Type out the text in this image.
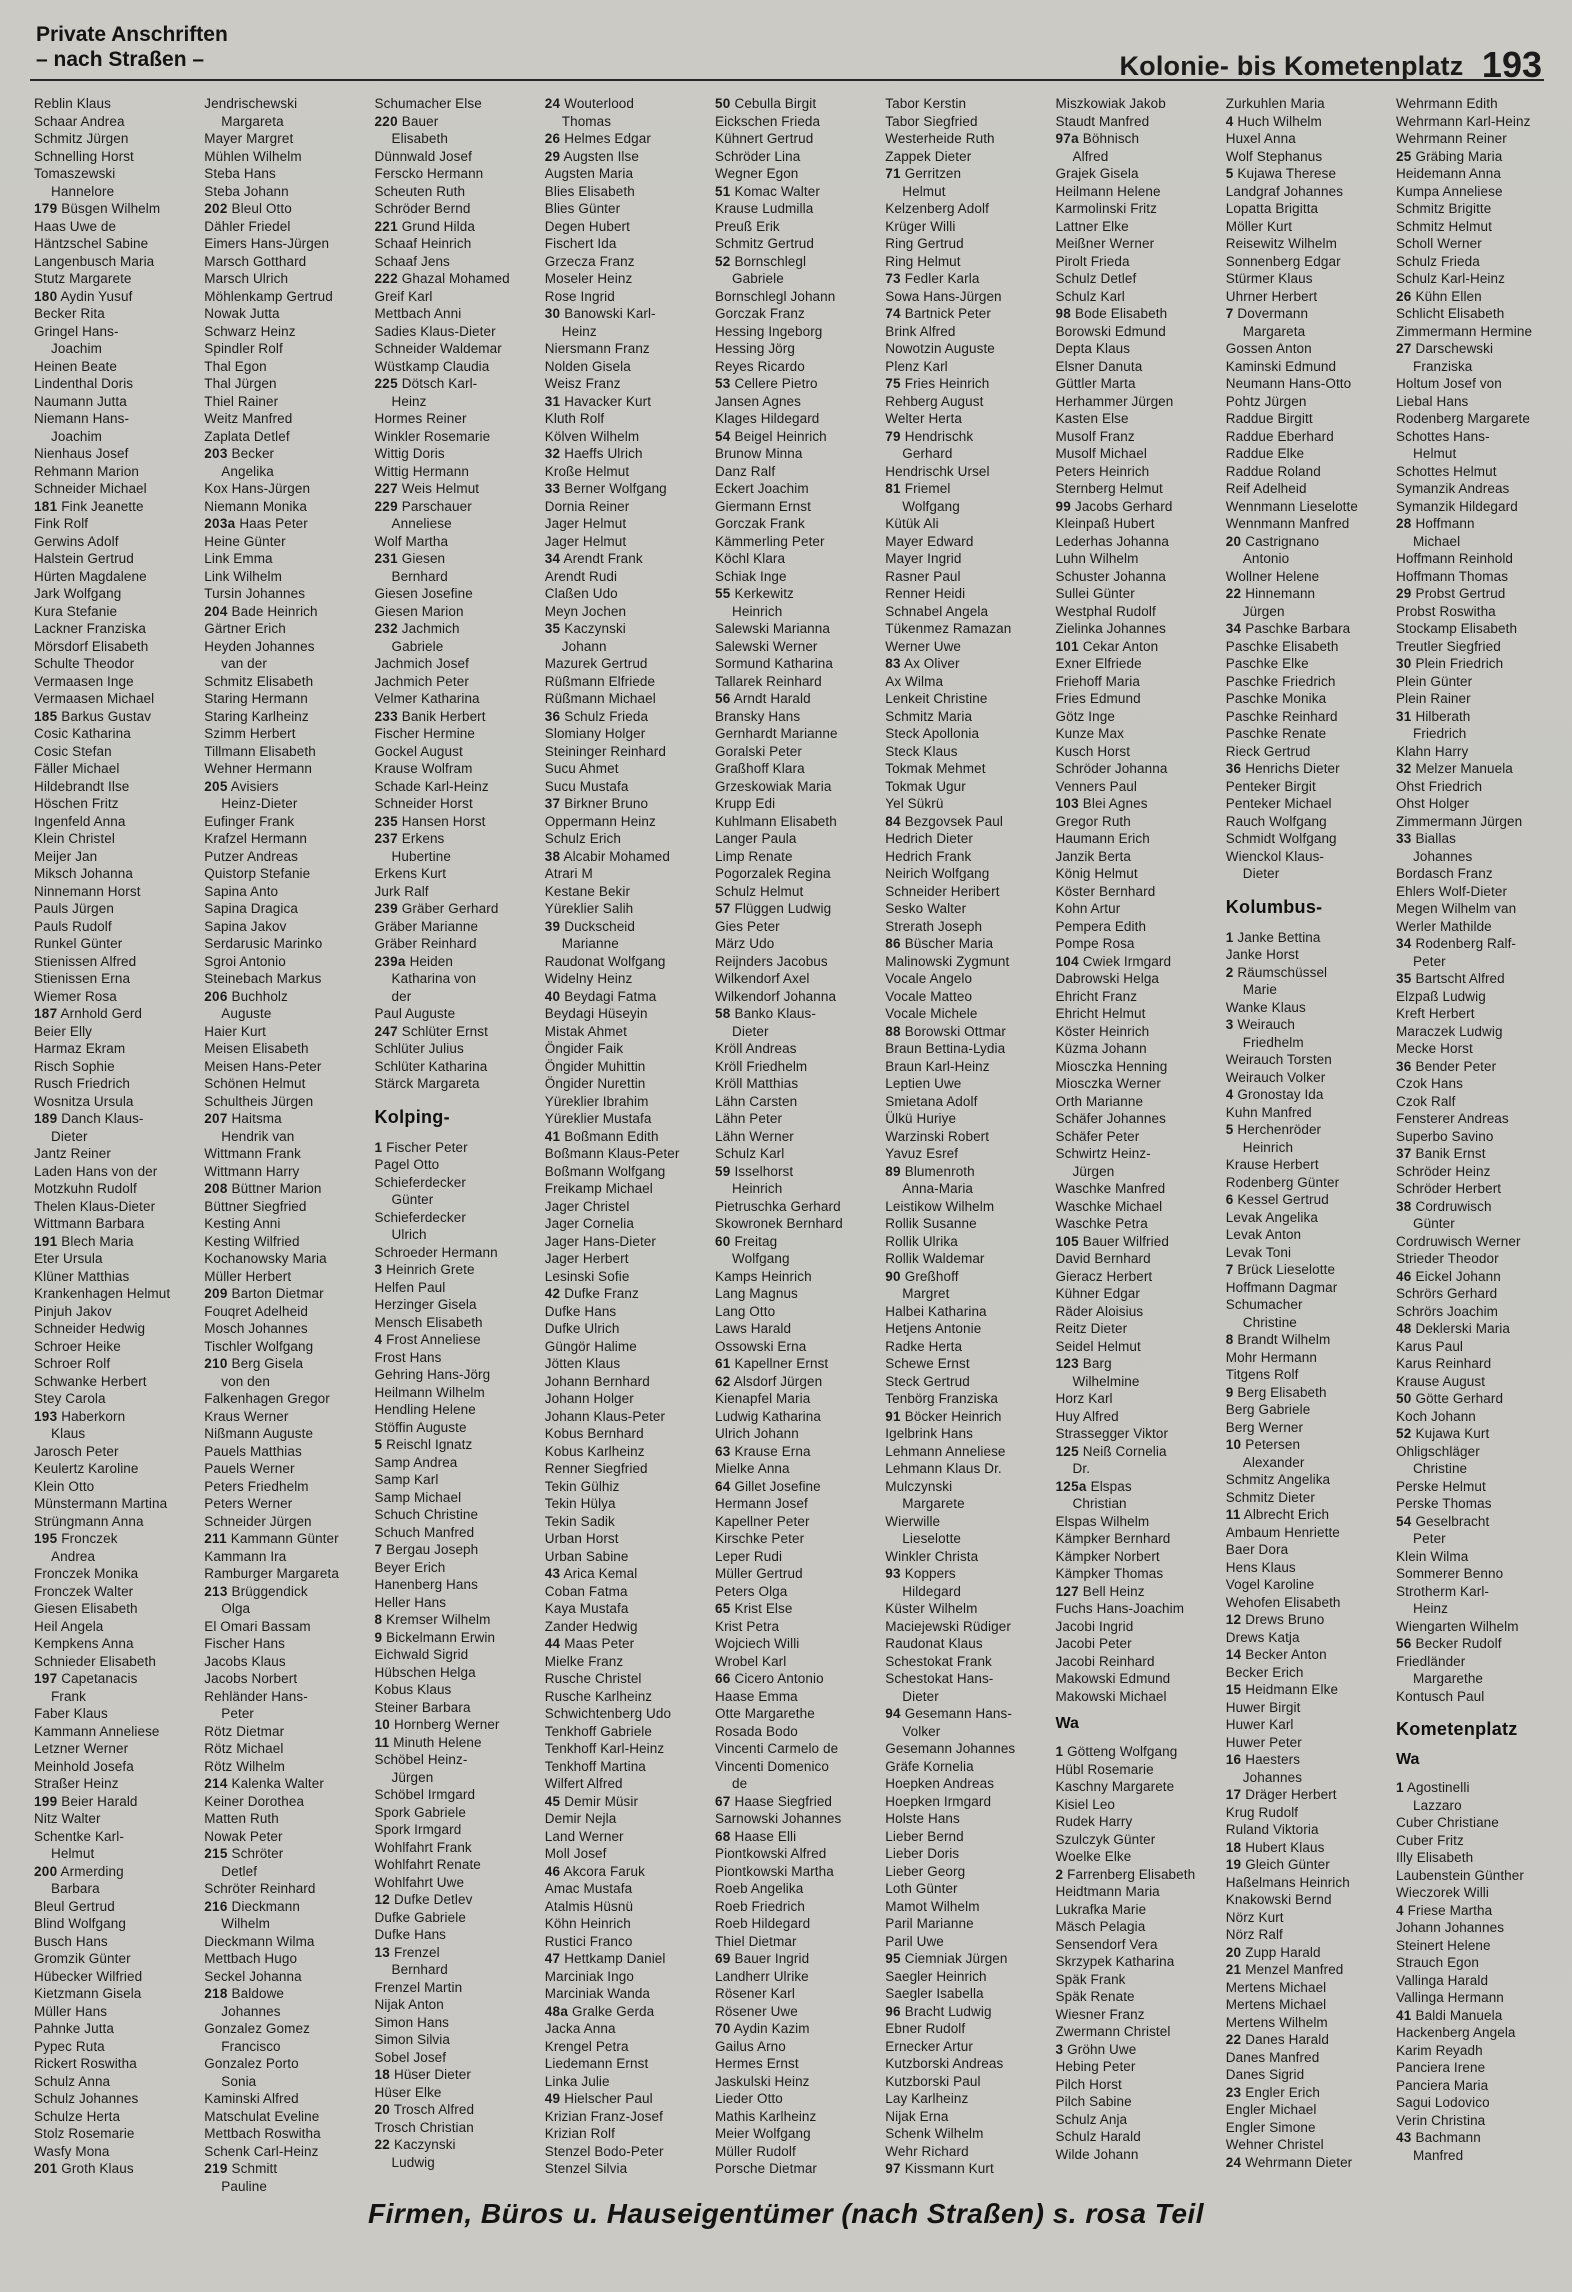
Private Anschriften
– nach Straßen –	Kolonie- bis Kometenplatz 193
Reblin Klaus
Schaar Andrea
Schmitz Jürgen
Schnelling Horst
Tomaszewski
Hannelore
179 Büsgen Wilhelm
Haas Uwe de
Häntzschel Sabine
Langenbusch Maria
Stutz Margarete
180 Aydin Yusuf
Becker Rita
Gringel Hans-
Joachim
Heinen Beate
Lindenthal Doris
Naumann Jutta
Niemann Hans-
Joachim
Nienhaus Josef
Rehmann Marion
Schneider Michael
181 Fink Jeanette
Fink Rolf
Gerwins Adolf
Halstein Gertrud
Hürten Magdalene
Jark Wolfgang
Kura Stefanie
Lackner Franziska
Mörsdorf Elisabeth
Schulte Theodor
Vermaasen Inge
Vermaasen Michael
185 Barkus Gustav
Cosic Katharina
Cosic Stefan
Fäller Michael
Hildebrandt Ilse
Höschen Fritz
Ingenfeld Anna
Klein Christel
Meijer Jan
Miksch Johanna
Ninnemann Horst
Pauls Jürgen
Pauls Rudolf
Runkel Günter
Stienissen Alfred
Stienissen Erna
Wiemer Rosa
187 Arnhold Gerd
Beier Elly
Harmaz Ekram
Risch Sophie
Rusch Friedrich
Wosnitza Ursula
189 Danch Klaus-
Dieter
Jantz Reiner
Laden Hans von der
Motzkuhn Rudolf
Thelen Klaus-Dieter
Wittmann Barbara
191 Blech Maria
Eter Ursula
Klüner Matthias
Krankenhagen Helmut
Pinjuh Jakov
Schneider Hedwig
Schroer Heike
Schroer Rolf
Schwanke Herbert
Stey Carola
193 Haberkorn
Klaus
Jarosch Peter
Keulertz Karoline
Klein Otto
Münstermann Martina
Strüngmann Anna
195 Fronczek
Andrea
Fronczek Monika
Fronczek Walter
Giesen Elisabeth
Heil Angela
Kempkens Anna
Schnieder Elisabeth
197 Capetanacis
Frank
Faber Klaus
Kammann Anneliese
Letzner Werner
Meinhold Josefa
Straßer Heinz
199 Beier Harald
Nitz Walter
Schentke Karl-
Helmut
200 Armerding
Barbara
Bleul Gertrud
Blind Wolfgang
Busch Hans
Gromzik Günter
Hübecker Wilfried
Kietzmann Gisela
Müller Hans
Pahnke Jutta
Pypec Ruta
Rickert Roswitha
Schulz Anna
Schulz Johannes
Schulze Herta
Stolz Rosemarie
Wasfy Mona
201 Groth Klaus
Jendrischewski
Margareta
Mayer Margret
Mühlen Wilhelm
Steba Hans
Steba Johann
202 Bleul Otto
Dähler Friedel
Eimers Hans-Jürgen
Marsch Gotthard
Marsch Ulrich
Möhlenkamp Gertrud
Nowak Jutta
Schwarz Heinz
Spindler Rolf
Thal Egon
Thal Jürgen
Thiel Rainer
Weitz Manfred
Zaplata Detlef
203 Becker
Angelika
Kox Hans-Jürgen
Niemann Monika
203a Haas Peter
Heine Günter
Link Emma
Link Wilhelm
Tursin Johannes
204 Bade Heinrich
Gärtner Erich
Heyden Johannes
van der
Schmitz Elisabeth
Staring Hermann
Staring Karlheinz
Szimm Herbert
Tillmann Elisabeth
Wehner Hermann
205 Avisiers
Heinz-Dieter
Eufinger Frank
Krafzel Hermann
Putzer Andreas
Quistorp Stefanie
Sapina Anto
Sapina Dragica
Sapina Jakov
Serdarusic Marinko
Sgroi Antonio
Steinebach Markus
206 Buchholz
Auguste
Haier Kurt
Meisen Elisabeth
Meisen Hans-Peter
Schönen Helmut
Schultheis Jürgen
207 Haitsma
Hendrik van
Wittmann Frank
Wittmann Harry
208 Büttner Marion
Büttner Siegfried
Kesting Anni
Kesting Wilfried
Kochanowsky Maria
Müller Herbert
209 Barton Dietmar
Fouqret Adelheid
Mosch Johannes
Tischler Wolfgang
210 Berg Gisela
von den
Falkenhagen Gregor
Kraus Werner
Nißmann Auguste
Pauels Matthias
Pauels Werner
Peters Friedhelm
Peters Werner
Schneider Jürgen
211 Kammann Günter
Kammann Ira
Ramburger Margareta
213 Brüggendick
Olga
El Omari Bassam
Fischer Hans
Jacobs Klaus
Jacobs Norbert
Rehländer Hans-
Peter
Rötz Dietmar
Rötz Michael
Rötz Wilhelm
214 Kalenka Walter
Keiner Dorothea
Matten Ruth
Nowak Peter
215 Schröter
Detlef
Schröter Reinhard
216 Dieckmann
Wilhelm
Dieckmann Wilma
Mettbach Hugo
Seckel Johanna
218 Baldowe
Johannes
Gonzalez Gomez
Francisco
Gonzalez Porto
Sonia
Kaminski Alfred
Matschulat Eveline
Mettbach Roswitha
Schenk Carl-Heinz
219 Schmitt
Pauline
Schumacher Else
220 Bauer
Elisabeth
Dünnwald Josef
Ferscko Hermann
Scheuten Ruth
Schröder Bernd
221 Grund Hilda
Schaaf Heinrich
Schaaf Jens
222 Ghazal Mohamed
Greif Karl
Mettbach Anni
Sadies Klaus-Dieter
Schneider Waldemar
Wüstkamp Claudia
225 Dötsch Karl-
Heinz
Hormes Reiner
Winkler Rosemarie
Wittig Doris
Wittig Hermann
227 Weis Helmut
229 Parschauer
Anneliese
Wolf Martha
231 Giesen
Bernhard
Giesen Josefine
Giesen Marion
232 Jachmich
Gabriele
Jachmich Josef
Jachmich Peter
Velmer Katharina
233 Banik Herbert
Fischer Hermine
Gockel August
Krause Wolfram
Schade Karl-Heinz
Schneider Horst
235 Hansen Horst
237 Erkens
Hubertine
Erkens Kurt
Jurk Ralf
239 Gräber Gerhard
Gräber Marianne
Gräber Reinhard
239a Heiden
Katharina von
der
Paul Auguste
247 Schlüter Ernst
Schlüter Julius
Schlüter Katharina
Stärck Margareta
Kolping-
1 Fischer Peter
Pagel Otto
Schieferdecker
Günter
Schieferdecker
Ulrich
Schroeder Hermann
3 Heinrich Grete
Helfen Paul
Herzinger Gisela
Mensch Elisabeth
4 Frost Anneliese
Frost Hans
Gehring Hans-Jörg
Heilmann Wilhelm
Hendling Helene
Stöffin Auguste
5 Reischl Ignatz
Samp Andrea
Samp Karl
Samp Michael
Schuch Christine
Schuch Manfred
7 Bergau Joseph
Beyer Erich
Hanenberg Hans
Heller Hans
8 Kremser Wilhelm
9 Bickelmann Erwin
Eichwald Sigrid
Hübschen Helga
Kobus Klaus
Steiner Barbara
10 Hornberg Werner
11 Minuth Helene
Schöbel Heinz-
Jürgen
Schöbel Irmgard
Spork Gabriele
Spork Irmgard
Wohlfahrt Frank
Wohlfahrt Renate
Wohlfahrt Uwe
12 Dufke Detlev
Dufke Gabriele
Dufke Hans
13 Frenzel
Bernhard
Frenzel Martin
Nijak Anton
Simon Hans
Simon Silvia
Sobel Josef
18 Hüser Dieter
Hüser Elke
20 Trosch Alfred
Trosch Christian
22 Kaczynski
Ludwig
24 Wouterlood
Thomas
26 Helmes Edgar
29 Augsten Ilse
Augsten Maria
Blies Elisabeth
Blies Günter
Degen Hubert
Fischert Ida
Grzecza Franz
Moseler Heinz
Rose Ingrid
30 Banowski Karl-
Heinz
Niersmann Franz
Nolden Gisela
Weisz Franz
31 Havacker Kurt
Kluth Rolf
Kölven Wilhelm
32 Haeffs Ulrich
Kroße Helmut
33 Berner Wolfgang
Dornia Reiner
Jager Helmut
Jager Helmut
34 Arendt Frank
Arendt Rudi
Claßen Udo
Meyn Jochen
35 Kaczynski
Johann
Mazurek Gertrud
Rüßmann Elfriede
Rüßmann Michael
36 Schulz Frieda
Slomiany Holger
Steininger Reinhard
Sucu Ahmet
Sucu Mustafa
37 Birkner Bruno
Oppermann Heinz
Schulz Erich
38 Alcabir Mohamed
Atrari M
Kestane Bekir
Yüreklier Salih
39 Duckscheid
Marianne
Raudonat Wolfgang
Widelny Heinz
40 Beydagi Fatma
Beydagi Hüseyin
Mistak Ahmet
Öngider Faik
Öngider Muhittin
Öngider Nurettin
Yüreklier Ibrahim
Yüreklier Mustafa
41 Boßmann Edith
Boßmann Klaus-Peter
Boßmann Wolfgang
Freikamp Michael
Jager Christel
Jager Cornelia
Jager Hans-Dieter
Jager Herbert
Lesinski Sofie
42 Dufke Franz
Dufke Hans
Dufke Ulrich
Güngör Halime
Jötten Klaus
Johann Bernhard
Johann Holger
Johann Klaus-Peter
Kobus Bernhard
Kobus Karlheinz
Renner Siegfried
Tekin Gülhiz
Tekin Hülya
Tekin Sadik
Urban Horst
Urban Sabine
43 Arica Kemal
Coban Fatma
Kaya Mustafa
Zander Hedwig
44 Maas Peter
Mielke Franz
Rusche Christel
Rusche Karlheinz
Schwichtenberg Udo
Tenkhoff Gabriele
Tenkhoff Karl-Heinz
Tenkhoff Martina
Wilfert Alfred
45 Demir Müsir
Demir Nejla
Land Werner
Moll Josef
46 Akcora Faruk
Amac Mustafa
Atalmis Hüsnü
Köhn Heinrich
Rustici Franco
47 Hettkamp Daniel
Marciniak Ingo
Marciniak Wanda
48a Gralke Gerda
Jacka Anna
Krengel Petra
Liedemann Ernst
Linka Julie
49 Hielscher Paul
Krizian Franz-Josef
Krizian Rolf
Stenzel Bodo-Peter
Stenzel Silvia
50 Cebulla Birgit
Eickschen Frieda
Kühnert Gertrud
Schröder Lina
Wegner Egon
51 Komac Walter
Krause Ludmilla
Preuß Erik
Schmitz Gertrud
52 Bornschlegl
Gabriele
Bornschlegl Johann
Gorczak Franz
Hessing Ingeborg
Hessing Jörg
Reyes Ricardo
53 Cellere Pietro
Jansen Agnes
Klages Hildegard
54 Beigel Heinrich
Brunow Minna
Danz Ralf
Eckert Joachim
Giermann Ernst
Gorczak Frank
Kämmerling Peter
Köchl Klara
Schiak Inge
55 Kerkewitz
Heinrich
Salewski Marianna
Salewski Werner
Sormund Katharina
Tallarek Reinhard
56 Arndt Harald
Bransky Hans
Gernhardt Marianne
Goralski Peter
Graßhoff Klara
Grzeskowiak Maria
Krupp Edi
Kuhlmann Elisabeth
Langer Paula
Limp Renate
Pogorzalek Regina
Schulz Helmut
57 Flüggen Ludwig
Gies Peter
März Udo
Reijnders Jacobus
Wilkendorf Axel
Wilkendorf Johanna
58 Banko Klaus-
Dieter
Kröll Andreas
Kröll Friedhelm
Kröll Matthias
Lähn Carsten
Lähn Peter
Lähn Werner
Schulz Karl
59 Isselhorst
Heinrich
Pietruschka Gerhard
Skowronek Bernhard
60 Freitag
Wolfgang
Kamps Heinrich
Lang Magnus
Lang Otto
Laws Harald
Ossowski Erna
61 Kapellner Ernst
62 Alsdorf Jürgen
Kienapfel Maria
Ludwig Katharina
Ulrich Johann
63 Krause Erna
Mielke Anna
64 Gillet Josefine
Hermann Josef
Kapellner Peter
Kirschke Peter
Leper Rudi
Müller Gertrud
Peters Olga
65 Krist Else
Krist Petra
Wojciech Willi
Wrobel Karl
66 Cicero Antonio
Haase Emma
Otte Margarethe
Rosada Bodo
Vincenti Carmelo de
Vincenti Domenico
de
67 Haase Siegfried
Sarnowski Johannes
68 Haase Elli
Piontkowski Alfred
Piontkowski Martha
Roeb Angelika
Roeb Friedrich
Roeb Hildegard
Thiel Dietmar
69 Bauer Ingrid
Landherr Ulrike
Rösener Karl
Rösener Uwe
70 Aydin Kazim
Gailus Arno
Hermes Ernst
Jaskulski Heinz
Lieder Otto
Mathis Karlheinz
Meier Wolfgang
Müller Rudolf
Porsche Dietmar
Tabor Kerstin
Tabor Siegfried
Westerheide Ruth
Zappek Dieter
71 Gerritzen
Helmut
Kelzenberg Adolf
Krüger Willi
Ring Gertrud
Ring Helmut
73 Fedler Karla
Sowa Hans-Jürgen
74 Bartnick Peter
Brink Alfred
Nowotzin Auguste
Plenz Karl
75 Fries Heinrich
Rehberg August
Welter Herta
79 Hendrischk
Gerhard
Hendrischk Ursel
81 Friemel
Wolfgang
Kütük Ali
Mayer Edward
Mayer Ingrid
Rasner Paul
Renner Heidi
Schnabel Angela
Tükenmez Ramazan
Werner Uwe
83 Ax Oliver
Ax Wilma
Lenkeit Christine
Schmitz Maria
Steck Apollonia
Steck Klaus
Tokmak Mehmet
Tokmak Ugur
Yel Sükrü
84 Bezgovsek Paul
Hedrich Dieter
Hedrich Frank
Neirich Wolfgang
Schneider Heribert
Sesko Walter
Strerath Joseph
86 Büscher Maria
Malinowski Zygmunt
Vocale Angelo
Vocale Matteo
Vocale Michele
88 Borowski Ottmar
Braun Bettina-Lydia
Braun Karl-Heinz
Leptien Uwe
Smietana Adolf
Ülkü Huriye
Warzinski Robert
Yavuz Esref
89 Blumenroth
Anna-Maria
Leistikow Wilhelm
Rollik Susanne
Rollik Ulrika
Rollik Waldemar
90 Greßhoff
Margret
Halbei Katharina
Hetjens Antonie
Radke Herta
Schewe Ernst
Steck Gertrud
Tenbörg Franziska
91 Böcker Heinrich
Igelbrink Hans
Lehmann Anneliese
Lehmann Klaus Dr.
Mulczynski
Margarete
Wierwille
Lieselotte
Winkler Christa
93 Koppers
Hildegard
Küster Wilhelm
Maciejewski Rüdiger
Raudonat Klaus
Schestokat Frank
Schestokat Hans-
Dieter
94 Gesemann Hans-
Volker
Gesemann Johannes
Gräfe Kornelia
Hoepken Andreas
Hoepken Irmgard
Holste Hans
Lieber Bernd
Lieber Doris
Lieber Georg
Loth Günter
Mamot Wilhelm
Paril Marianne
Paril Uwe
95 Ciemniak Jürgen
Saegler Heinrich
Saegler Isabella
96 Bracht Ludwig
Ebner Rudolf
Ernecker Artur
Kutzborski Andreas
Kutzborski Paul
Lay Karlheinz
Nijak Erna
Schenk Wilhelm
Wehr Richard
97 Kissmann Kurt
Miszkowiak Jakob
Staudt Manfred
97a Böhnisch
Alfred
Grajek Gisela
Heilmann Helene
Karmolinski Fritz
Lattner Elke
Meißner Werner
Pirolt Frieda
Schulz Detlef
Schulz Karl
98 Bode Elisabeth
Borowski Edmund
Depta Klaus
Elsner Danuta
Güttler Marta
Herhammer Jürgen
Kasten Else
Musolf Franz
Musolf Michael
Peters Heinrich
Sternberg Helmut
99 Jacobs Gerhard
Kleinpaß Hubert
Lederhas Johanna
Luhn Wilhelm
Schuster Johanna
Sullei Günter
Westphal Rudolf
Zielinka Johannes
101 Cekar Anton
Exner Elfriede
Friehoff Maria
Fries Edmund
Götz Inge
Kunze Max
Kusch Horst
Schröder Johanna
Venners Paul
103 Blei Agnes
Gregor Ruth
Haumann Erich
Janzik Berta
König Helmut
Köster Bernhard
Kohn Artur
Pempera Edith
Pompe Rosa
104 Cwiek Irmgard
Dabrowski Helga
Ehricht Franz
Ehricht Helmut
Köster Heinrich
Küzma Johann
Miosczka Henning
Miosczka Werner
Orth Marianne
Schäfer Johannes
Schäfer Peter
Schwirtz Heinz-
Jürgen
Waschke Manfred
Waschke Michael
Waschke Petra
105 Bauer Wilfried
David Bernhard
Gieracz Herbert
Kühner Edgar
Räder Aloisius
Reitz Dieter
Seidel Helmut
123 Barg
Wilhelmine
Horz Karl
Huy Alfred
Strassegger Viktor
125 Neiß Cornelia
Dr.
125a Elspas
Christian
Elspas Wilhelm
Kämpker Bernhard
Kämpker Norbert
Kämpker Thomas
127 Bell Heinz
Fuchs Hans-Joachim
Jacobi Ingrid
Jacobi Peter
Jacobi Reinhard
Makowski Edmund
Makowski Michael
Wa
1 Götteng Wolfgang
Hübl Rosemarie
Kaschny Margarete
Kisiel Leo
Rudek Harry
Szulczyk Günter
Woelke Elke
2 Farrenberg Elisabeth
Heidtmann Maria
Lukrafka Marie
Mäsch Pelagia
Sensendorf Vera
Skrzypek Katharina
Späk Frank
Späk Renate
Wiesner Franz
Zwermann Christel
3 Gröhn Uwe
Hebing Peter
Pilch Horst
Pilch Sabine
Schulz Anja
Schulz Harald
Wilde Johann
Zurkuhlen Maria
4 Huch Wilhelm
Huxel Anna
Wolf Stephanus
5 Kujawa Therese
Landgraf Johannes
Lopatta Brigitta
Möller Kurt
Reisewitz Wilhelm
Sonnenberg Edgar
Stürmer Klaus
Uhrner Herbert
7 Dovermann
Margareta
Gossen Anton
Kaminski Edmund
Neumann Hans-Otto
Pohtz Jürgen
Raddue Birgitt
Raddue Eberhard
Raddue Elke
Raddue Roland
Reif Adelheid
Wennmann Lieselotte
Wennmann Manfred
20 Castrignano
Antonio
Wollner Helene
22 Hinnemann
Jürgen
34 Paschke Barbara
Paschke Elisabeth
Paschke Elke
Paschke Friedrich
Paschke Monika
Paschke Reinhard
Paschke Renate
Rieck Gertrud
36 Henrichs Dieter
Penteker Birgit
Penteker Michael
Rauch Wolfgang
Schmidt Wolfgang
Wienckol Klaus-
Dieter
Kolumbus-
1 Janke Bettina
Janke Horst
2 Räumschüssel
Marie
Wanke Klaus
3 Weirauch
Friedhelm
Weirauch Torsten
Weirauch Volker
4 Gronostay Ida
Kuhn Manfred
5 Herchenröder
Heinrich
Krause Herbert
Rodenberg Günter
6 Kessel Gertrud
Levak Angelika
Levak Anton
Levak Toni
7 Brück Lieselotte
Hoffmann Dagmar
Schumacher
Christine
8 Brandt Wilhelm
Mohr Hermann
Titgens Rolf
9 Berg Elisabeth
Berg Gabriele
Berg Werner
10 Petersen
Alexander
Schmitz Angelika
Schmitz Dieter
11 Albrecht Erich
Ambaum Henriette
Baer Dora
Hens Klaus
Vogel Karoline
Wehofen Elisabeth
12 Drews Bruno
Drews Katja
14 Becker Anton
Becker Erich
15 Heidmann Elke
Huwer Birgit
Huwer Karl
Huwer Peter
16 Haesters
Johannes
17 Dräger Herbert
Krug Rudolf
Ruland Viktoria
18 Hubert Klaus
19 Gleich Günter
Haßelmans Heinrich
Knakowski Bernd
Nörz Kurt
Nörz Ralf
20 Zupp Harald
21 Menzel Manfred
Mertens Michael
Mertens Michael
Mertens Wilhelm
22 Danes Harald
Danes Manfred
Danes Sigrid
23 Engler Erich
Engler Michael
Engler Simone
Wehner Christel
24 Wehrmann Dieter
Wehrmann Edith
Wehrmann Karl-Heinz
Wehrmann Reiner
25 Gräbing Maria
Heidemann Anna
Kumpa Anneliese
Schmitz Brigitte
Schmitz Helmut
Scholl Werner
Schulz Frieda
Schulz Karl-Heinz
26 Kühn Ellen
Schlicht Elisabeth
Zimmermann Hermine
27 Darschewski
Franziska
Holtum Josef von
Liebal Hans
Rodenberg Margarete
Schottes Hans-
Helmut
Schottes Helmut
Symanzik Andreas
Symanzik Hildegard
28 Hoffmann
Michael
Hoffmann Reinhold
Hoffmann Thomas
29 Probst Gertrud
Probst Roswitha
Stockamp Elisabeth
Treutler Siegfried
30 Plein Friedrich
Plein Günter
Plein Rainer
31 Hilberath
Friedrich
Klahn Harry
32 Melzer Manuela
Ohst Friedrich
Ohst Holger
Zimmermann Jürgen
33 Biallas
Johannes
Bordasch Franz
Ehlers Wolf-Dieter
Megen Wilhelm van
Werler Mathilde
34 Rodenberg Ralf-
Peter
35 Bartscht Alfred
Elzpaß Ludwig
Kreft Herbert
Maraczek Ludwig
Mecke Horst
36 Bender Peter
Czok Hans
Czok Ralf
Fensterer Andreas
Superbo Savino
37 Banik Ernst
Schröder Heinz
Schröder Herbert
38 Cordruwisch
Günter
Cordruwisch Werner
Strieder Theodor
46 Eickel Johann
Schrörs Gerhard
Schrörs Joachim
48 Deklerski Maria
Karus Paul
Karus Reinhard
Krause August
50 Götte Gerhard
Koch Johann
52 Kujawa Kurt
Ohligschläger
Christine
Perske Helmut
Perske Thomas
54 Geselbracht
Peter
Klein Wilma
Sommerer Benno
Strotherm Karl-
Heinz
Wiengarten Wilhelm
56 Becker Rudolf
Friedländer
Margarethe
Kontusch Paul
Kometenplatz
Wa
1 Agostinelli
Lazzaro
Cuber Christiane
Cuber Fritz
Illy Elisabeth
Laubenstein Günther
Wieczorek Willi
4 Friese Martha
Johann Johannes
Steinert Helene
Strauch Egon
Vallinga Harald
Vallinga Hermann
41 Baldi Manuela
Hackenberg Angela
Karim Reyadh
Panciera Irene
Panciera Maria
Sagui Lodovico
Verin Christina
43 Bachmann
Manfred
Firmen, Büros u. Hauseigentümer (nach Straßen) s. rosa Teil
